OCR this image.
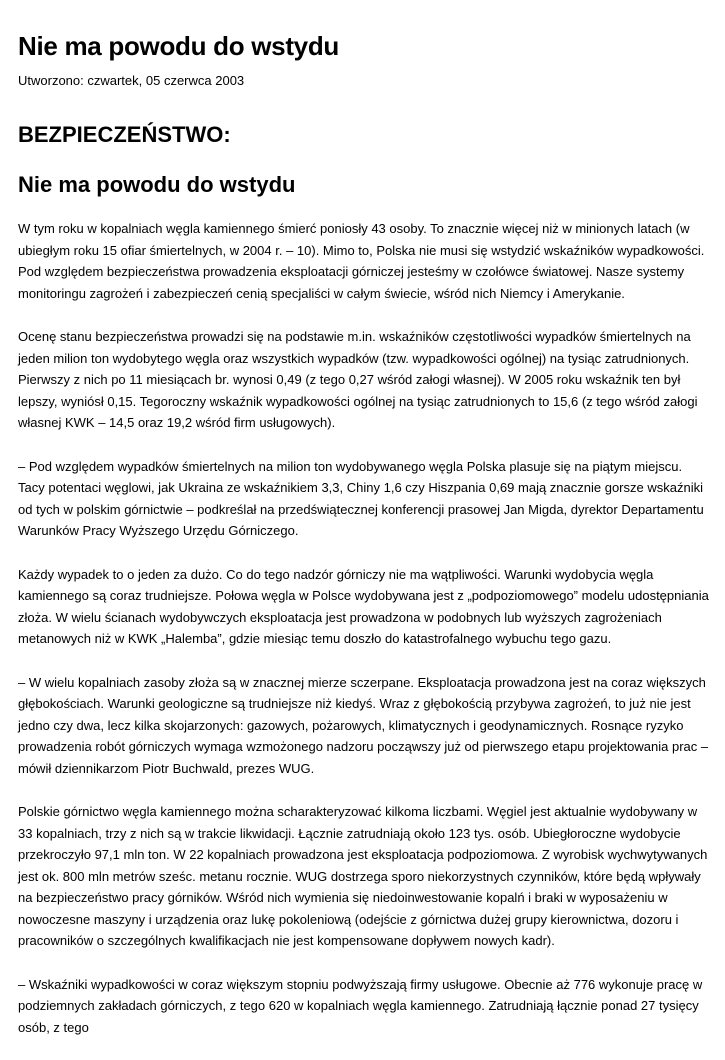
Nie ma powodu do wstydu
Utworzono: czwartek, 05 czerwca 2003
BEZPIECZEŃSTWO:
Nie ma powodu do wstydu

W tym roku w kopalniach węgla kamiennego śmierć poniosły 43 osoby. To znacznie więcej niż w minionych latach (w ubiegłym roku 15 ofiar śmiertelnych, w 2004 r. – 10). Mimo to, Polska nie musi się wstydzić wskaźników wypadkowości. Pod względem bezpieczeństwa prowadzenia eksploatacji górniczej jesteśmy w czołówce światowej. Nasze systemy monitoringu zagrożeń i zabezpieczeń cenią specjaliści w całym świecie, wśród nich Niemcy i Amerykanie.

Ocenę stanu bezpieczeństwa prowadzi się na podstawie m.in. wskaźników częstotliwości wypadków śmiertelnych na jeden milion ton wydobytego węgla oraz wszystkich wypadków (tzw. wypadkowości ogólnej) na tysiąc zatrudnionych. Pierwszy z nich po 11 miesiącach br. wynosi 0,49 (z tego 0,27 wśród załogi własnej). W 2005 roku wskaźnik ten był lepszy, wyniósł 0,15. Tegoroczny wskaźnik wypadkowości ogólnej na tysiąc zatrudnionych to 15,6 (z tego wśród załogi własnej KWK – 14,5 oraz 19,2 wśród firm usługowych).

– Pod względem wypadków śmiertelnych na milion ton wydobywanego węgla Polska plasuje się na piątym miejscu. Tacy potentaci węglowi, jak Ukraina ze wskaźnikiem 3,3, Chiny 1,6 czy Hiszpania 0,69 mają znacznie gorsze wskaźniki od tych w polskim górnictwie – podkreślał na przedświątecznej konferencji prasowej Jan Migda, dyrektor Departamentu Warunków Pracy Wyższego Urzędu Górniczego.

Każdy wypadek to o jeden za dużo. Co do tego nadzór górniczy nie ma wątpliwości. Warunki wydobycia węgla kamiennego są coraz trudniejsze. Połowa węgla w Polsce wydobywana jest z „podpoziomowego” modelu udostępniania złoża. W wielu ścianach wydobywczych eksploatacja jest prowadzona w podobnych lub wyższych zagrożeniach metanowych niż w KWK „Halemba”, gdzie miesiąc temu doszło do katastrofalnego wybuchu tego gazu.

– W wielu kopalniach zasoby złoża są w znacznej mierze sczerpane. Eksploatacja prowadzona jest na coraz większych głębokościach. Warunki geologiczne są trudniejsze niż kiedyś. Wraz z głębokością przybywa zagrożeń, to już nie jest jedno czy dwa, lecz kilka skojarzonych: gazowych, pożarowych, klimatycznych i geodynamicznych. Rosnące ryzyko prowadzenia robót górniczych wymaga wzmożonego nadzoru począwszy już od pierwszego etapu projektowania prac – mówił dziennikarzom Piotr Buchwald, prezes WUG.

Polskie górnictwo węgla kamiennego można scharakteryzować kilkoma liczbami. Węgiel jest aktualnie wydobywany w 33 kopalniach, trzy z nich są w trakcie likwidacji. Łącznie zatrudniają około 123 tys. osób. Ubiegłoroczne wydobycie przekroczyło 97,1 mln ton. W 22 kopalniach prowadzona jest eksploatacja podpoziomowa. Z wyrobisk wychwytywanych jest ok. 800 mln metrów sześc. metanu rocznie. WUG dostrzega sporo niekorzystnych czynników, które będą wpływały na bezpieczeństwo pracy górników. Wśród nich wymienia się niedoinwestowanie kopalń i braki w wyposażeniu w nowoczesne maszyny i urządzenia oraz lukę pokoleniową (odejście z górnictwa dużej grupy kierownictwa, dozoru i pracowników o szczególnych kwalifikacjach nie jest kompensowane dopływem nowych kadr).

– Wskaźniki wypadkowości w coraz większym stopniu podwyższają firmy usługowe. Obecnie aż 776 wykonuje pracę w podziemnych zakładach górniczych, z tego 620 w kopalniach węgla kamiennego. Zatrudniają łącznie ponad 27 tysięcy osób, z tego
